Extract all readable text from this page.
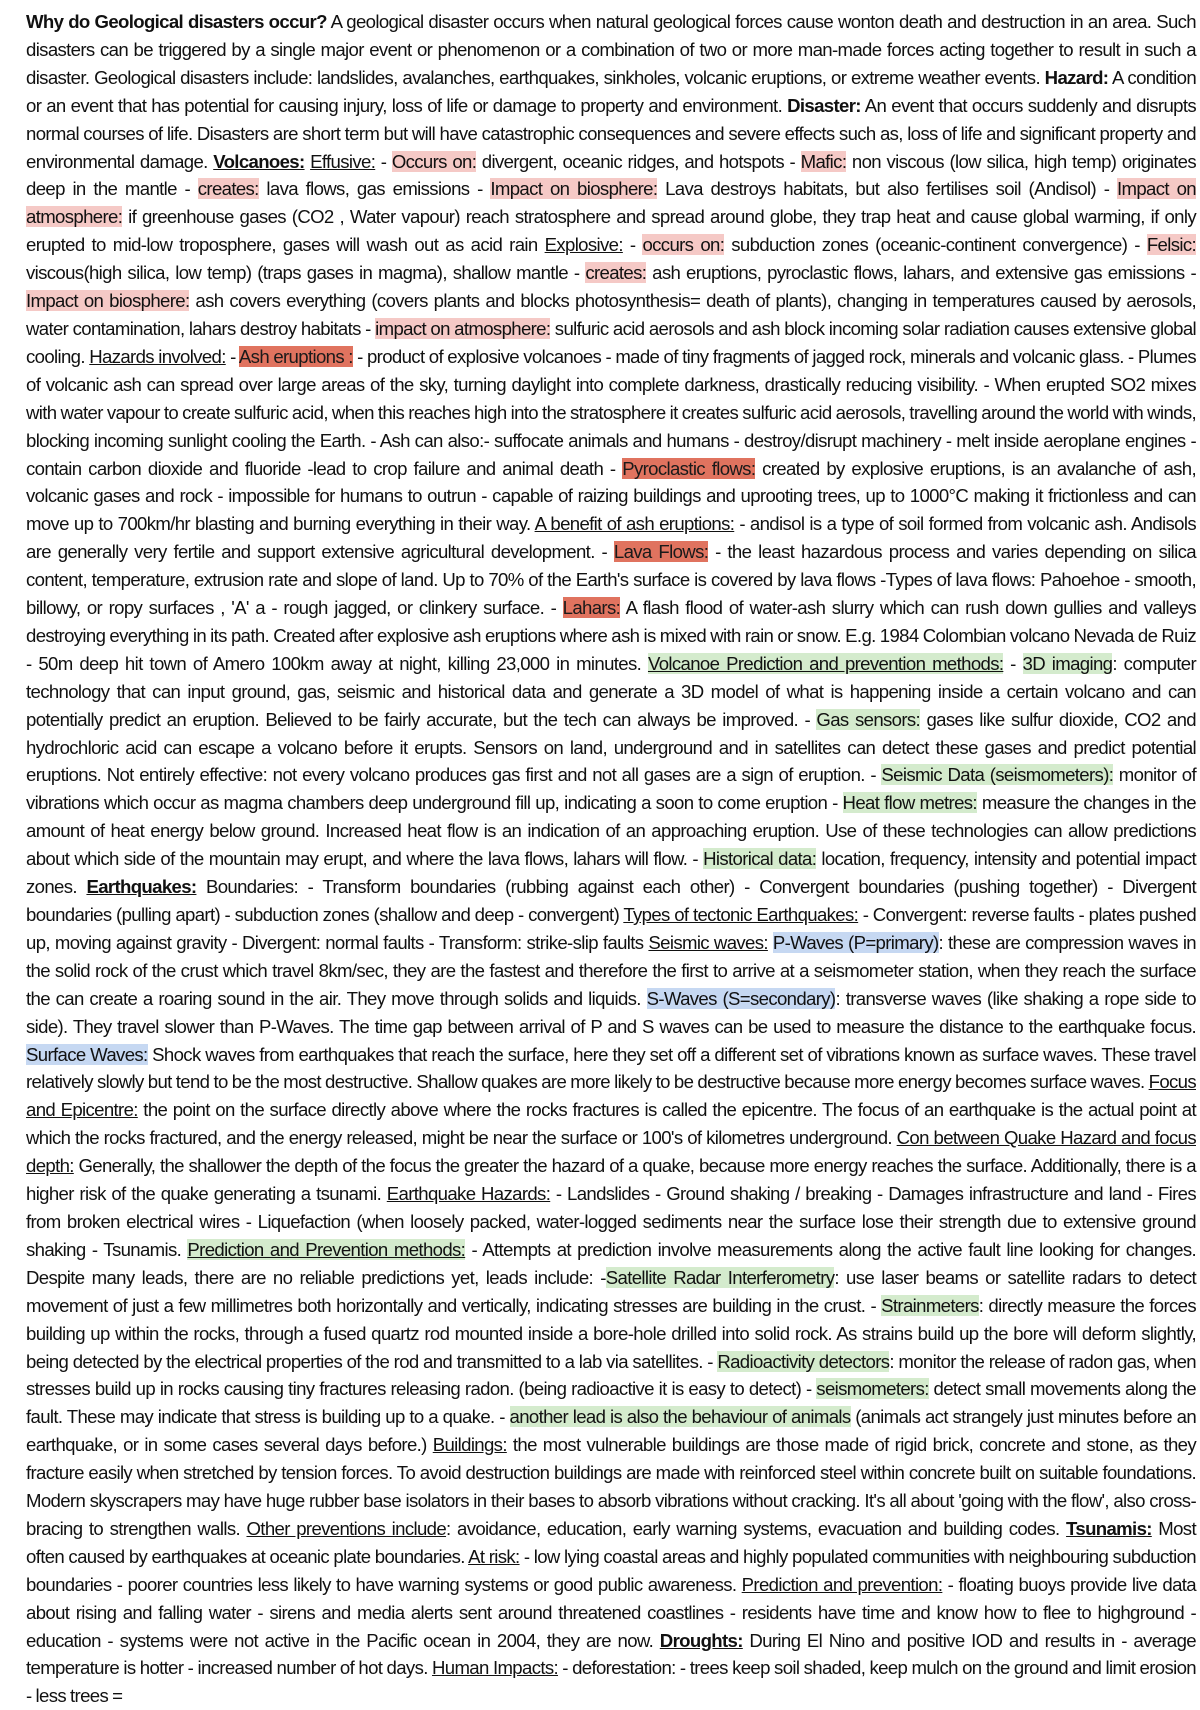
Why do Geological disasters occur? A geological disaster occurs when natural geological forces cause wonton death and destruction in an area. Such disasters can be triggered by a single major event or phenomenon or a combination of two or more man-made forces acting together to result in such a disaster. Geological disasters include: landslides, avalanches, earthquakes, sinkholes, volcanic eruptions, or extreme weather events. Hazard: A condition or an event that has potential for causing injury, loss of life or damage to property and environment. Disaster: An event that occurs suddenly and disrupts normal courses of life. Disasters are short term but will have catastrophic consequences and severe effects such as, loss of life and significant property and environmental damage. Volcanoes: Effusive: - Occurs on: divergent, oceanic ridges, and hotspots - Mafic: non viscous (low silica, high temp) originates deep in the mantle - creates: lava flows, gas emissions - Impact on biosphere: Lava destroys habitats, but also fertilises soil (Andisol) - Impact on atmosphere: if greenhouse gases (CO2 , Water vapour) reach stratosphere and spread around globe, they trap heat and cause global warming, if only erupted to mid-low troposphere, gases will wash out as acid rain Explosive: - occurs on: subduction zones (oceanic-continent convergence) - Felsic: viscous(high silica, low temp) (traps gases in magma), shallow mantle - creates: ash eruptions, pyroclastic flows, lahars, and extensive gas emissions - Impact on biosphere: ash covers everything (covers plants and blocks photosynthesis= death of plants), changing in temperatures caused by aerosols, water contamination, lahars destroy habitats - impact on atmosphere: sulfuric acid aerosols and ash block incoming solar radiation causes extensive global cooling. Hazards involved: - Ash eruptions : - product of explosive volcanoes - made of tiny fragments of jagged rock, minerals and volcanic glass. - Plumes of volcanic ash can spread over large areas of the sky, turning daylight into complete darkness, drastically reducing visibility. - When erupted SO2 mixes with water vapour to create sulfuric acid, when this reaches high into the stratosphere it creates sulfuric acid aerosols, travelling around the world with winds, blocking incoming sunlight cooling the Earth. - Ash can also:- suffocate animals and humans - destroy/disrupt machinery - melt inside aeroplane engines - contain carbon dioxide and fluoride -lead to crop failure and animal death - Pyroclastic flows: created by explosive eruptions, is an avalanche of ash, volcanic gases and rock - impossible for humans to outrun - capable of raizing buildings and uprooting trees, up to 1000°C making it frictionless and can move up to 700km/hr blasting and burning everything in their way. A benefit of ash eruptions: - andisol is a type of soil formed from volcanic ash. Andisols are generally very fertile and support extensive agricultural development. - Lava Flows: - the least hazardous process and varies depending on silica content, temperature, extrusion rate and slope of land. Up to 70% of the Earth's surface is covered by lava flows -Types of lava flows: Pahoehoe - smooth, billowy, or ropy surfaces , 'A' a - rough jagged, or clinkery surface. - Lahars: A flash flood of water-ash slurry which can rush down gullies and valleys destroying everything in its path. Created after explosive ash eruptions where ash is mixed with rain or snow. E.g. 1984 Colombian volcano Nevada de Ruiz - 50m deep hit town of Amero 100km away at night, killing 23,000 in minutes. Volcanoe Prediction and prevention methods: - 3D imaging: computer technology that can input ground, gas, seismic and historical data and generate a 3D model of what is happening inside a certain volcano and can potentially predict an eruption. Believed to be fairly accurate, but the tech can always be improved. - Gas sensors: gases like sulfur dioxide, CO2 and hydrochloric acid can escape a volcano before it erupts. Sensors on land, underground and in satellites can detect these gases and predict potential eruptions. Not entirely effective: not every volcano produces gas first and not all gases are a sign of eruption. - Seismic Data (seismometers): monitor of vibrations which occur as magma chambers deep underground fill up, indicating a soon to come eruption - Heat flow metres: measure the changes in the amount of heat energy below ground. Increased heat flow is an indication of an approaching eruption. Use of these technologies can allow predictions about which side of the mountain may erupt, and where the lava flows, lahars will flow. - Historical data: location, frequency, intensity and potential impact zones. Earthquakes: Boundaries: - Transform boundaries (rubbing against each other) - Convergent boundaries (pushing together) - Divergent boundaries (pulling apart) - subduction zones (shallow and deep - convergent) Types of tectonic Earthquakes: - Convergent: reverse faults - plates pushed up, moving against gravity - Divergent: normal faults - Transform: strike-slip faults Seismic waves: P-Waves (P=primary): these are compression waves in the solid rock of the crust which travel 8km/sec, they are the fastest and therefore the first to arrive at a seismometer station, when they reach the surface the can create a roaring sound in the air. They move through solids and liquids. S-Waves (S=secondary): transverse waves (like shaking a rope side to side). They travel slower than P-Waves. The time gap between arrival of P and S waves can be used to measure the distance to the earthquake focus. Surface Waves: Shock waves from earthquakes that reach the surface, here they set off a different set of vibrations known as surface waves. These travel relatively slowly but tend to be the most destructive. Shallow quakes are more likely to be destructive because more energy becomes surface waves. Focus and Epicentre: the point on the surface directly above where the rocks fractures is called the epicentre. The focus of an earthquake is the actual point at which the rocks fractured, and the energy released, might be near the surface or 100's of kilometres underground. Con between Quake Hazard and focus depth: Generally, the shallower the depth of the focus the greater the hazard of a quake, because more energy reaches the surface. Additionally, there is a higher risk of the quake generating a tsunami. Earthquake Hazards: - Landslides - Ground shaking / breaking - Damages infrastructure and land - Fires from broken electrical wires - Liquefaction (when loosely packed, water-logged sediments near the surface lose their strength due to extensive ground shaking - Tsunamis. Prediction and Prevention methods: - Attempts at prediction involve measurements along the active fault line looking for changes. Despite many leads, there are no reliable predictions yet, leads include: -Satellite Radar Interferometry: use laser beams or satellite radars to detect movement of just a few millimetres both horizontally and vertically, indicating stresses are building in the crust. - Strainmeters: directly measure the forces building up within the rocks, through a fused quartz rod mounted inside a bore-hole drilled into solid rock. As strains build up the bore will deform slightly, being detected by the electrical properties of the rod and transmitted to a lab via satellites. - Radioactivity detectors: monitor the release of radon gas, when stresses build up in rocks causing tiny fractures releasing radon. (being radioactive it is easy to detect) - seismometers: detect small movements along the fault. These may indicate that stress is building up to a quake. - another lead is also the behaviour of animals (animals act strangely just minutes before an earthquake, or in some cases several days before.) Buildings: the most vulnerable buildings are those made of rigid brick, concrete and stone, as they fracture easily when stretched by tension forces. To avoid destruction buildings are made with reinforced steel within concrete built on suitable foundations. Modern skyscrapers may have huge rubber base isolators in their bases to absorb vibrations without cracking. It's all about 'going with the flow', also cross-bracing to strengthen walls. Other preventions include: avoidance, education, early warning systems, evacuation and building codes. Tsunamis: Most often caused by earthquakes at oceanic plate boundaries. At risk: - low lying coastal areas and highly populated communities with neighbouring subduction boundaries - poorer countries less likely to have warning systems or good public awareness. Prediction and prevention: - floating buoys provide live data about rising and falling water - sirens and media alerts sent around threatened coastlines - residents have time and know how to flee to highground - education - systems were not active in the Pacific ocean in 2004, they are now. Droughts: During El Nino and positive IOD and results in - average temperature is hotter - increased number of hot days. Human Impacts: - deforestation: - trees keep soil shaded, keep mulch on the ground and limit erosion - less trees =
